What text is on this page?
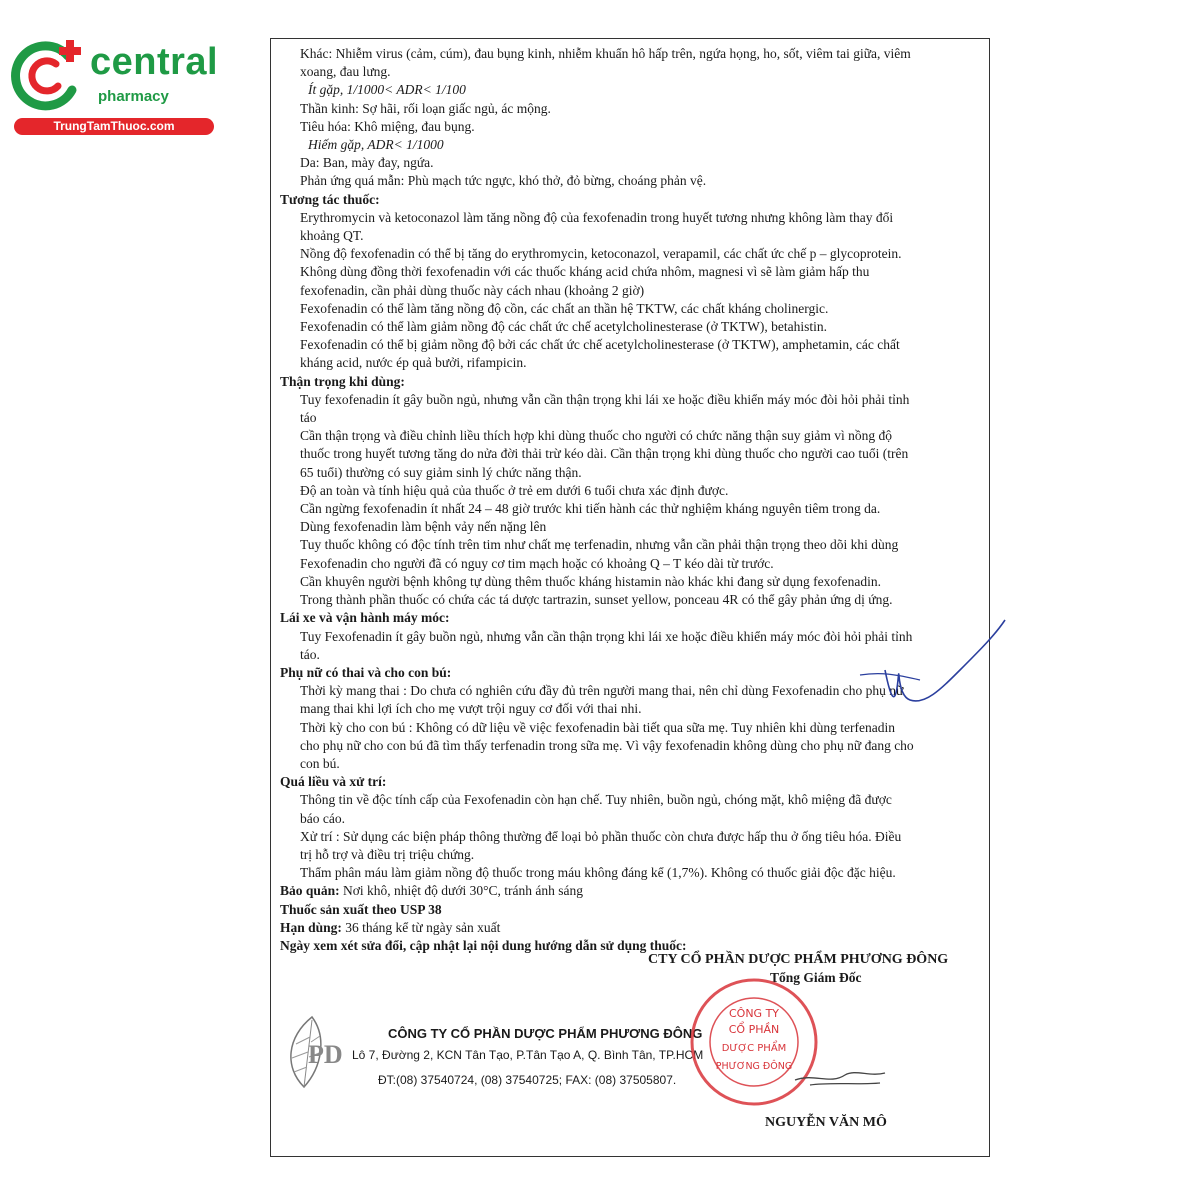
central
pharmacy
TrungTamThuoc.com
Khác: Nhiễm virus (cảm, cúm), đau bụng kinh, nhiễm khuẩn hô hấp trên, ngứa họng, ho, sốt, viêm tai giữa, viêm
xoang, đau lưng.
Ít gặp, 1/1000< ADR< 1/100
Thần kinh: Sợ hãi, rối loạn giấc ngủ, ác mộng.
Tiêu hóa: Khô miệng, đau bụng.
Hiếm gặp, ADR< 1/1000
Da: Ban, mày đay, ngứa.
Phản ứng quá mẫn: Phù mạch tức ngực, khó thở, đỏ bừng, choáng phản vệ.
Tương tác thuốc:
Erythromycin và ketoconazol làm tăng nồng độ của fexofenadin trong huyết tương nhưng không làm thay đổi
khoảng QT.
Nồng độ fexofenadin có thể bị tăng do erythromycin, ketoconazol, verapamil, các chất ức chế p – glycoprotein.
Không dùng đồng thời fexofenadin với các thuốc kháng acid chứa nhôm, magnesi vì sẽ làm giảm hấp thu
fexofenadin, cần phải dùng thuốc này cách nhau (khoảng 2 giờ)
Fexofenadin có thể làm tăng nồng độ cồn, các chất an thần hệ TKTW, các chất kháng cholinergic.
Fexofenadin có thể làm giảm nồng độ các chất ức chế acetylcholinesterase (ở TKTW), betahistin.
Fexofenadin có thể bị giảm nồng độ bởi các chất ức chế acetylcholinesterase (ở TKTW), amphetamin, các chất
kháng acid, nước ép quả bưởi, rifampicin.
Thận trọng khi dùng:
Tuy fexofenadin ít gây buồn ngủ, nhưng vẫn cần thận trọng khi lái xe hoặc điều khiển máy móc đòi hỏi phải tỉnh
táo
Cần thận trọng và điều chỉnh liều thích hợp khi dùng thuốc cho người có chức năng thận suy giảm vì nồng độ
thuốc trong huyết tương tăng do nửa đời thải trừ kéo dài. Cần thận trọng khi dùng thuốc cho người cao tuổi (trên
65 tuổi) thường có suy giảm sinh lý chức năng thận.
Độ an toàn và tính hiệu quả của thuốc ở trẻ em dưới 6 tuổi chưa xác định được.
Cần ngừng fexofenadin ít nhất 24 – 48 giờ trước khi tiến hành các thử nghiệm kháng nguyên tiêm trong da.
Dùng fexofenadin làm bệnh vảy nến nặng lên
Tuy thuốc không có độc tính trên tim như chất mẹ terfenadin, nhưng vẫn cần phải thận trọng theo dõi khi dùng
Fexofenadin cho người đã có nguy cơ tim mạch hoặc có khoảng Q – T kéo dài từ trước.
Cần khuyên người bệnh không tự dùng thêm thuốc kháng histamin nào khác khi đang sử dụng fexofenadin.
Trong thành phần thuốc có chứa các tá dược tartrazin, sunset yellow, ponceau 4R có thể gây phản ứng dị ứng.
Lái xe và vận hành máy móc:
Tuy Fexofenadin ít gây buồn ngủ, nhưng vẫn cần thận trọng khi lái xe hoặc điều khiển máy móc đòi hỏi phải tỉnh
táo.
Phụ nữ có thai và cho con bú:
Thời kỳ mang thai : Do chưa có nghiên cứu đầy đủ trên người mang thai, nên chỉ dùng Fexofenadin cho phụ nữ
mang thai khi lợi ích cho mẹ vượt trội nguy cơ đối với thai nhi.
Thời kỳ cho con bú : Không có dữ liệu về việc fexofenadin bài tiết qua sữa mẹ. Tuy nhiên khi dùng terfenadin
cho phụ nữ cho con bú đã tìm thấy terfenadin trong sữa mẹ. Vì vậy fexofenadin không dùng cho phụ nữ đang cho
con bú.
Quá liều và xử trí:
Thông tin về độc tính cấp của Fexofenadin còn hạn chế. Tuy nhiên, buồn ngủ, chóng mặt, khô miệng đã được
báo cáo.
Xử trí : Sử dụng các biện pháp thông thường để loại bỏ phần thuốc còn chưa được hấp thu ở ống tiêu hóa. Điều
trị hỗ trợ và điều trị triệu chứng.
Thẩm phân máu làm giảm nồng độ thuốc trong máu không đáng kể (1,7%). Không có thuốc giải độc đặc hiệu.
Bảo quản: Nơi khô, nhiệt độ dưới 30°C, tránh ánh sáng
Thuốc sản xuất theo USP 38
Hạn dùng: 36 tháng kể từ ngày sản xuất
Ngày xem xét sửa đổi, cập nhật lại nội dung hướng dẫn sử dụng thuốc:
CTY CỔ PHẦN DƯỢC PHẨM PHƯƠNG ĐÔNG
Tổng Giám Đốc
PD
CÔNG TY CỔ PHẦN DƯỢC PHẨM PHƯƠNG ĐÔNG
Lô 7, Đường 2, KCN Tân Tạo, P.Tân Tạo A, Q. Bình Tân, TP.HCM
ĐT:(08) 37540724, (08) 37540725; FAX: (08) 37505807.
CÔNG TY
CỔ PHẦN
DƯỢC PHẨM
PHƯƠNG ĐÔNG
NGUYỄN VĂN MÔ
